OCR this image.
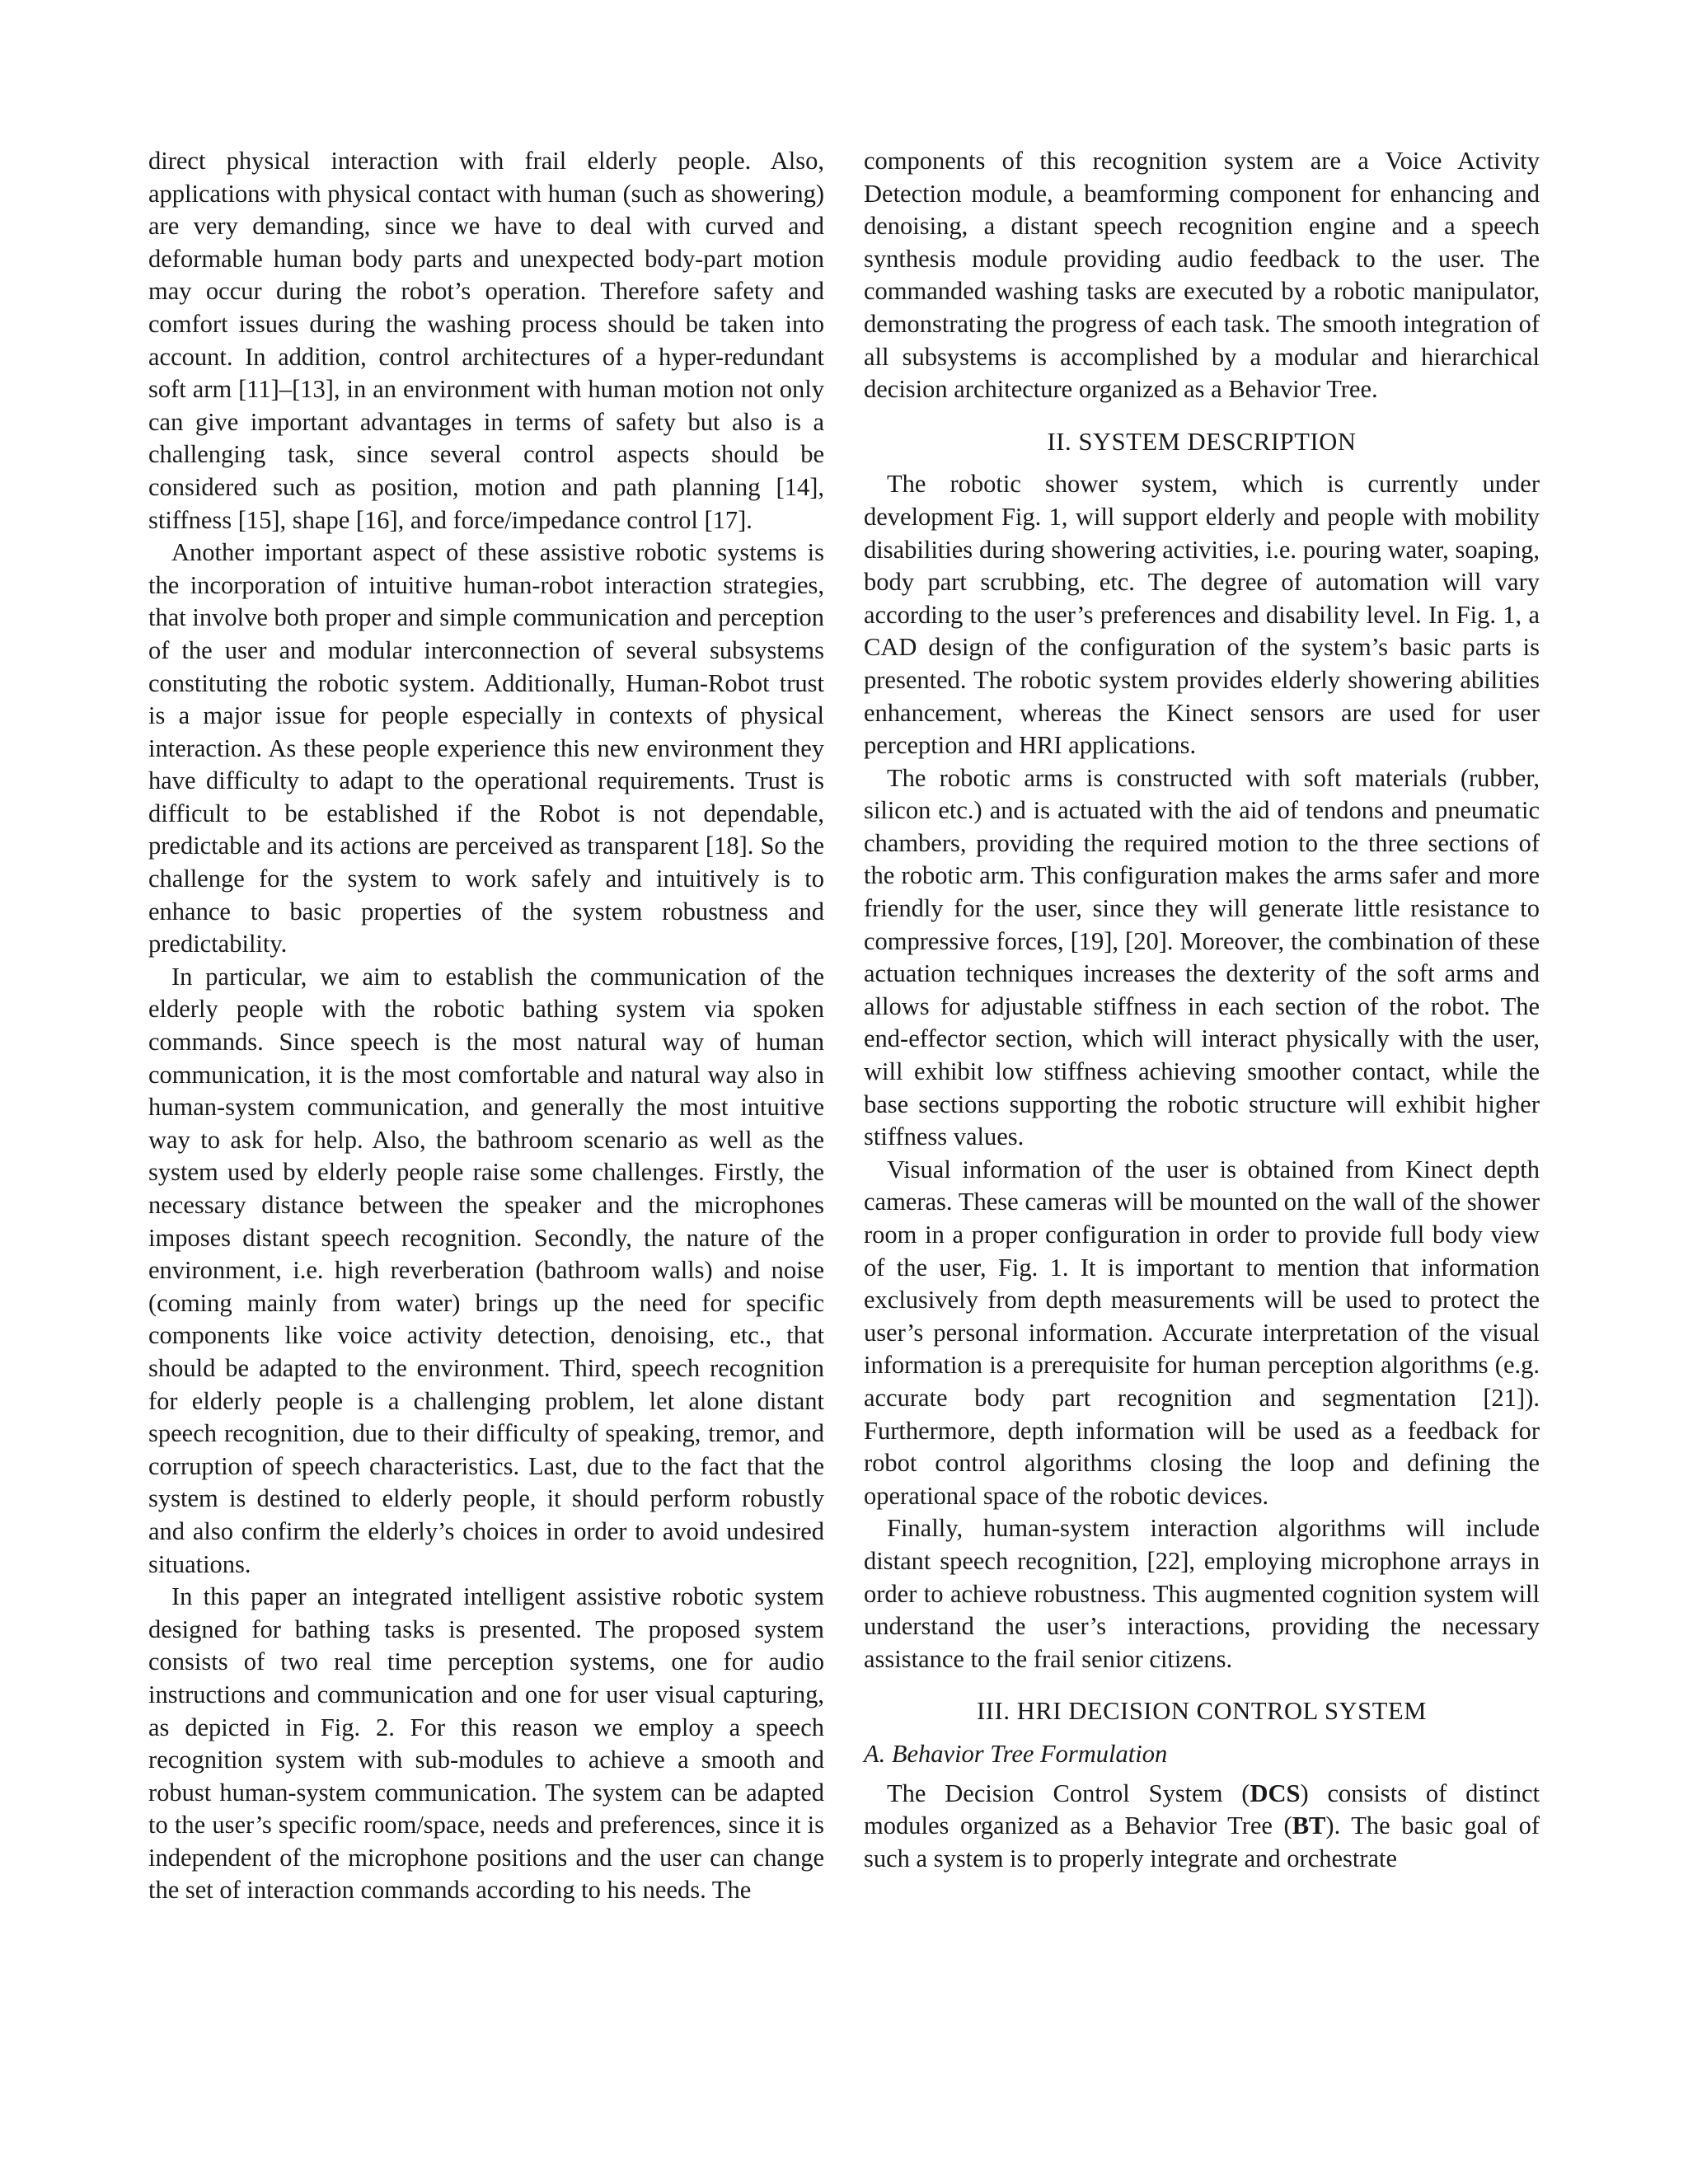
direct physical interaction with frail elderly people. Also, applications with physical contact with human (such as showering) are very demanding, since we have to deal with curved and deformable human body parts and unexpected body-part motion may occur during the robot’s operation. Therefore safety and comfort issues during the washing process should be taken into account. In addition, control architectures of a hyper-redundant soft arm [11]–[13], in an environment with human motion not only can give important advantages in terms of safety but also is a challenging task, since several control aspects should be considered such as position, motion and path planning [14], stiffness [15], shape [16], and force/impedance control [17].

Another important aspect of these assistive robotic systems is the incorporation of intuitive human-robot interaction strategies, that involve both proper and simple communication and perception of the user and modular interconnection of several subsystems constituting the robotic system. Additionally, Human-Robot trust is a major issue for people especially in contexts of physical interaction. As these people experience this new environment they have difficulty to adapt to the operational requirements. Trust is difficult to be established if the Robot is not dependable, predictable and its actions are perceived as transparent [18]. So the challenge for the system to work safely and intuitively is to enhance to basic properties of the system robustness and predictability.

In particular, we aim to establish the communication of the elderly people with the robotic bathing system via spoken commands. Since speech is the most natural way of human communication, it is the most comfortable and natural way also in human-system communication, and generally the most intuitive way to ask for help. Also, the bathroom scenario as well as the system used by elderly people raise some challenges. Firstly, the necessary distance between the speaker and the microphones imposes distant speech recognition. Secondly, the nature of the environment, i.e. high reverberation (bathroom walls) and noise (coming mainly from water) brings up the need for specific components like voice activity detection, denoising, etc., that should be adapted to the environment. Third, speech recognition for elderly people is a challenging problem, let alone distant speech recognition, due to their difficulty of speaking, tremor, and corruption of speech characteristics. Last, due to the fact that the system is destined to elderly people, it should perform robustly and also confirm the elderly’s choices in order to avoid undesired situations.

In this paper an integrated intelligent assistive robotic system designed for bathing tasks is presented. The proposed system consists of two real time perception systems, one for audio instructions and communication and one for user visual capturing, as depicted in Fig. 2. For this reason we employ a speech recognition system with sub-modules to achieve a smooth and robust human-system communication. The system can be adapted to the user’s specific room/space, needs and preferences, since it is independent of the microphone positions and the user can change the set of interaction commands according to his needs. The

components of this recognition system are a Voice Activity Detection module, a beamforming component for enhancing and denoising, a distant speech recognition engine and a speech synthesis module providing audio feedback to the user. The commanded washing tasks are executed by a robotic manipulator, demonstrating the progress of each task. The smooth integration of all subsystems is accomplished by a modular and hierarchical decision architecture organized as a Behavior Tree.

II. SYSTEM DESCRIPTION

The robotic shower system, which is currently under development Fig. 1, will support elderly and people with mobility disabilities during showering activities, i.e. pouring water, soaping, body part scrubbing, etc. The degree of automation will vary according to the user’s preferences and disability level. In Fig. 1, a CAD design of the configuration of the system’s basic parts is presented. The robotic system provides elderly showering abilities enhancement, whereas the Kinect sensors are used for user perception and HRI applications.

The robotic arms is constructed with soft materials (rubber, silicon etc.) and is actuated with the aid of tendons and pneumatic chambers, providing the required motion to the three sections of the robotic arm. This configuration makes the arms safer and more friendly for the user, since they will generate little resistance to compressive forces, [19], [20]. Moreover, the combination of these actuation techniques increases the dexterity of the soft arms and allows for adjustable stiffness in each section of the robot. The end-effector section, which will interact physically with the user, will exhibit low stiffness achieving smoother contact, while the base sections supporting the robotic structure will exhibit higher stiffness values.

Visual information of the user is obtained from Kinect depth cameras. These cameras will be mounted on the wall of the shower room in a proper configuration in order to provide full body view of the user, Fig. 1. It is important to mention that information exclusively from depth measurements will be used to protect the user’s personal information. Accurate interpretation of the visual information is a prerequisite for human perception algorithms (e.g. accurate body part recognition and segmentation [21]). Furthermore, depth information will be used as a feedback for robot control algorithms closing the loop and defining the operational space of the robotic devices.

Finally, human-system interaction algorithms will include distant speech recognition, [22], employing microphone arrays in order to achieve robustness. This augmented cognition system will understand the user’s interactions, providing the necessary assistance to the frail senior citizens.

III. HRI DECISION CONTROL SYSTEM
A. Behavior Tree Formulation

The Decision Control System (DCS) consists of distinct modules organized as a Behavior Tree (BT). The basic goal of such a system is to properly integrate and orchestrate
